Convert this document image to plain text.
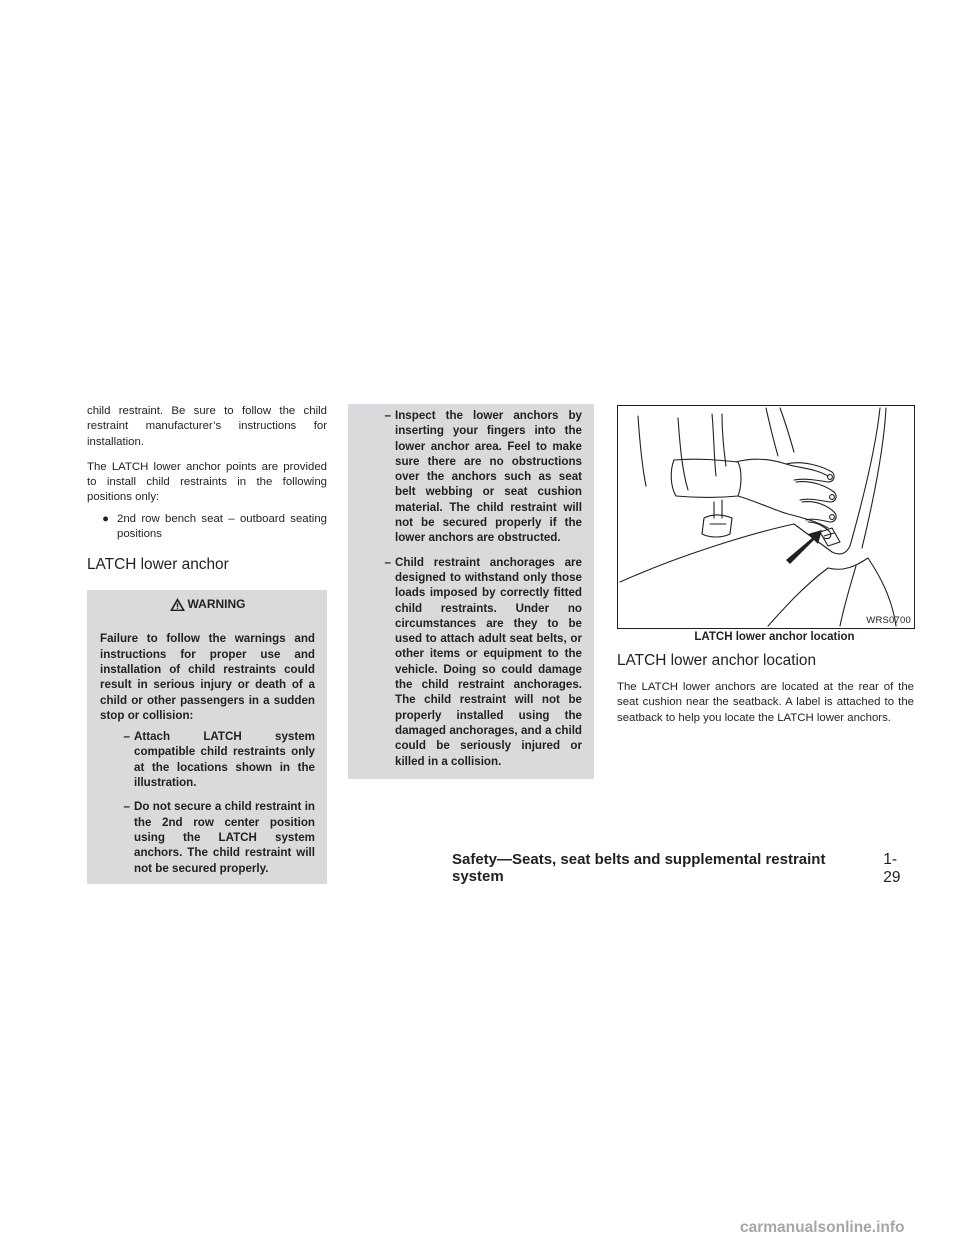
child restraint. Be sure to follow the child restraint manufacturer’s instructions for installation.

The LATCH lower anchor points are provided to install child restraints in the following positions only:

● 2nd row bench seat – outboard seating positions
LATCH lower anchor
WARNING

Failure to follow the warnings and instructions for proper use and installation of child restraints could result in serious injury or death of a child or other passengers in a sudden stop or collision:

– Attach LATCH system compatible child restraints only at the locations shown in the illustration.
– Do not secure a child restraint in the 2nd row center position using the LATCH system anchors. The child restraint will not be secured properly.
– Inspect the lower anchors by inserting your fingers into the lower anchor area. Feel to make sure there are no obstructions over the anchors such as seat belt webbing or seat cushion material. The child restraint will not be secured properly if the lower anchors are obstructed.
– Child restraint anchorages are designed to withstand only those loads imposed by correctly fitted child restraints. Under no circumstances are they to be used to attach adult seat belts, or other items or equipment to the vehicle. Doing so could damage the child restraint anchorages. The child restraint will not be properly installed using the damaged anchorages, and a child could be seriously injured or killed in a collision.
WRS0700
LATCH lower anchor location
LATCH lower anchor location

The LATCH lower anchors are located at the rear of the seat cushion near the seatback. A label is attached to the seatback to help you locate the LATCH lower anchors.

Safety—Seats, seat belts and supplemental restraint system
1-29
carmanualsonline.info
